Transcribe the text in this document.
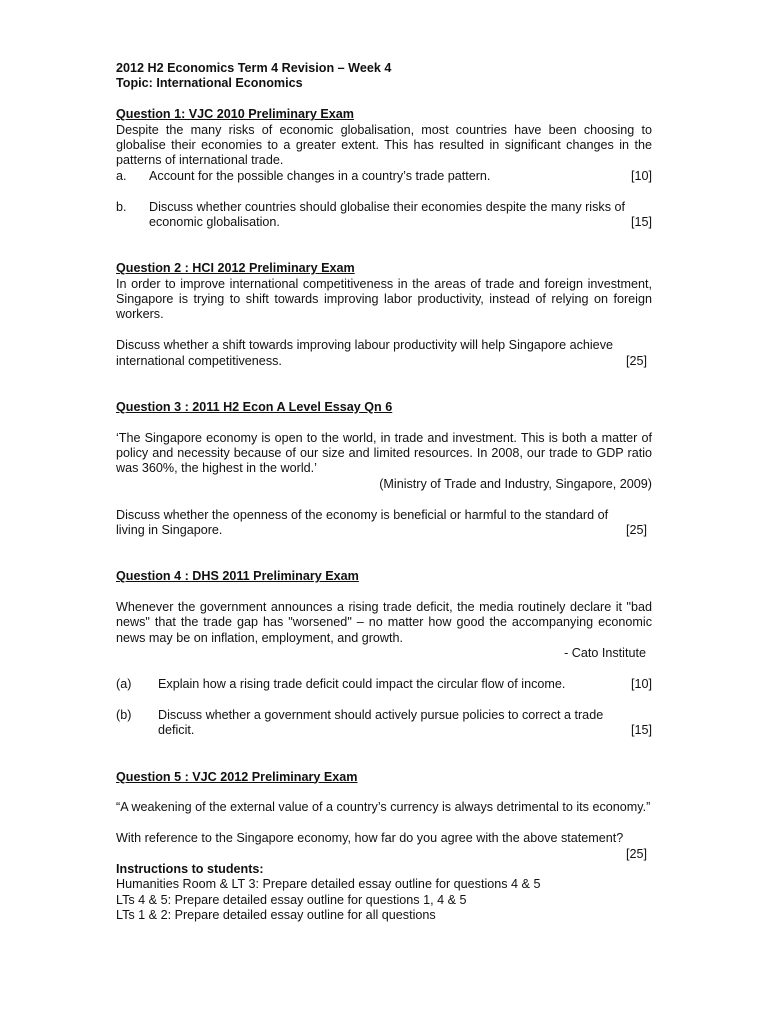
2012 H2 Economics Term 4 Revision – Week 4

Topic: International Economics

Question 1: VJC 2010 Preliminary Exam

Despite the many risks of economic globalisation, most countries have been choosing to globalise their economies to a greater extent. This has resulted in significant changes in the patterns of international trade.

a.	Account for the possible changes in a country’s trade pattern.	[10]
b.	Discuss whether countries should globalise their economies despite the many risks of

economic globalisation.	[15]

Question 2 : HCI 2012 Preliminary Exam

In order to improve international competitiveness in the areas of trade and foreign investment, Singapore is trying to shift towards improving labor productivity, instead of relying on foreign workers.

Discuss whether a shift towards improving labour productivity will help Singapore achieve

international competitiveness.	[25]

Question 3 : 2011 H2 Econ A Level Essay Qn 6

‘The Singapore economy is open to the world, in trade and investment. This is both a matter of policy and necessity because of our size and limited resources. In 2008, our trade to GDP ratio was 360%, the highest in the world.’

(Ministry of Trade and Industry, Singapore, 2009)

Discuss whether the openness of the economy is beneficial or harmful to the standard of

living in Singapore.	[25]

Question 4 : DHS 2011 Preliminary Exam

Whenever the government announces a rising trade deficit, the media routinely declare it "bad news" that the trade gap has "worsened" – no matter how good the accompanying economic news may be on inflation, employment, and growth.

- Cato Institute

(a)	Explain how a rising trade deficit could impact the circular flow of income.	[10]
(b)	Discuss whether a government should actively pursue policies to correct a trade

deficit.	[15]

Question 5 : VJC 2012 Preliminary Exam

“A weakening of the external value of a country’s currency is always detrimental to its economy.”

With reference to the Singapore economy, how far do you agree with the above statement?

[25]

Instructions to students:

Humanities Room & LT 3: Prepare detailed essay outline for questions 4 & 5

LTs 4 & 5: Prepare detailed essay outline for questions 1, 4 & 5

LTs 1 & 2: Prepare detailed essay outline for all questions
